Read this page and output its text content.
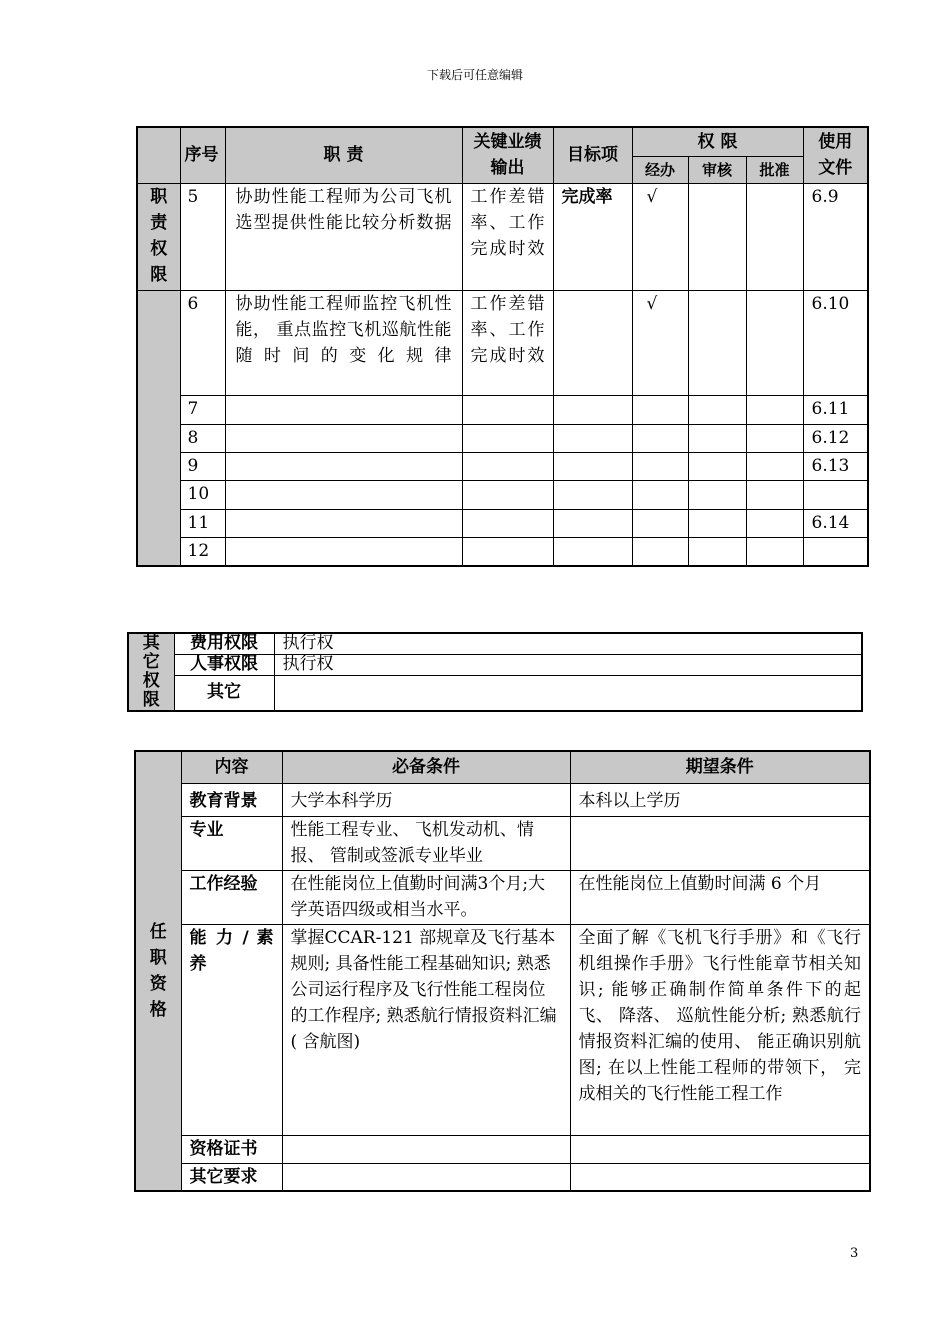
下载后可任意编辑
	序号	职 责	关键业绩输出	目标项	权 限			使用文件
					经办	审核	批准	

职责权限	5	协助性能工程师为公司飞机选型提供性能比较分析数据	工作差错率、工作完成时效	完成率	√			6.9
	6	协助性能工程师监控飞机性能， 重点监控飞机巡航性能随时间的变化规律	工作差错率、工作完成时效		√			6.10
	7							6.11
	8							6.12
	9							6.13
	10							
	11							6.14
	12							
其它权限	费用权限	执行权
	人事权限	执行权
	其它	
任职资格	内容	必备条件	期望条件
	教育背景	大学本科学历	本科以上学历
	专业	性能工程专业、 飞机发动机、情报、 管制或签派专业毕业	
	工作经验	在性能岗位上值勤时间满3个月;大学英语四级或相当水平。	在性能岗位上值勤时间满 6 个月
	能 力 / 素 养	掌握CCAR-121 部规章及飞行基本规则; 具备性能工程基础知识; 熟悉公司运行程序及飞行性能工程岗位的工作程序; 熟悉航行情报资料汇编( 含航图)	全面了解《飞机飞行手册》和《飞行机组操作手册》飞行性能章节相关知识; 能够正确制作简单条件下的起飞、 降落、 巡航性能分析; 熟悉航行情报资料汇编的使用、 能正确识别航图; 在以上性能工程师的带领下， 完成相关的飞行性能工程工作
	资格证书		
	其它要求		
3
